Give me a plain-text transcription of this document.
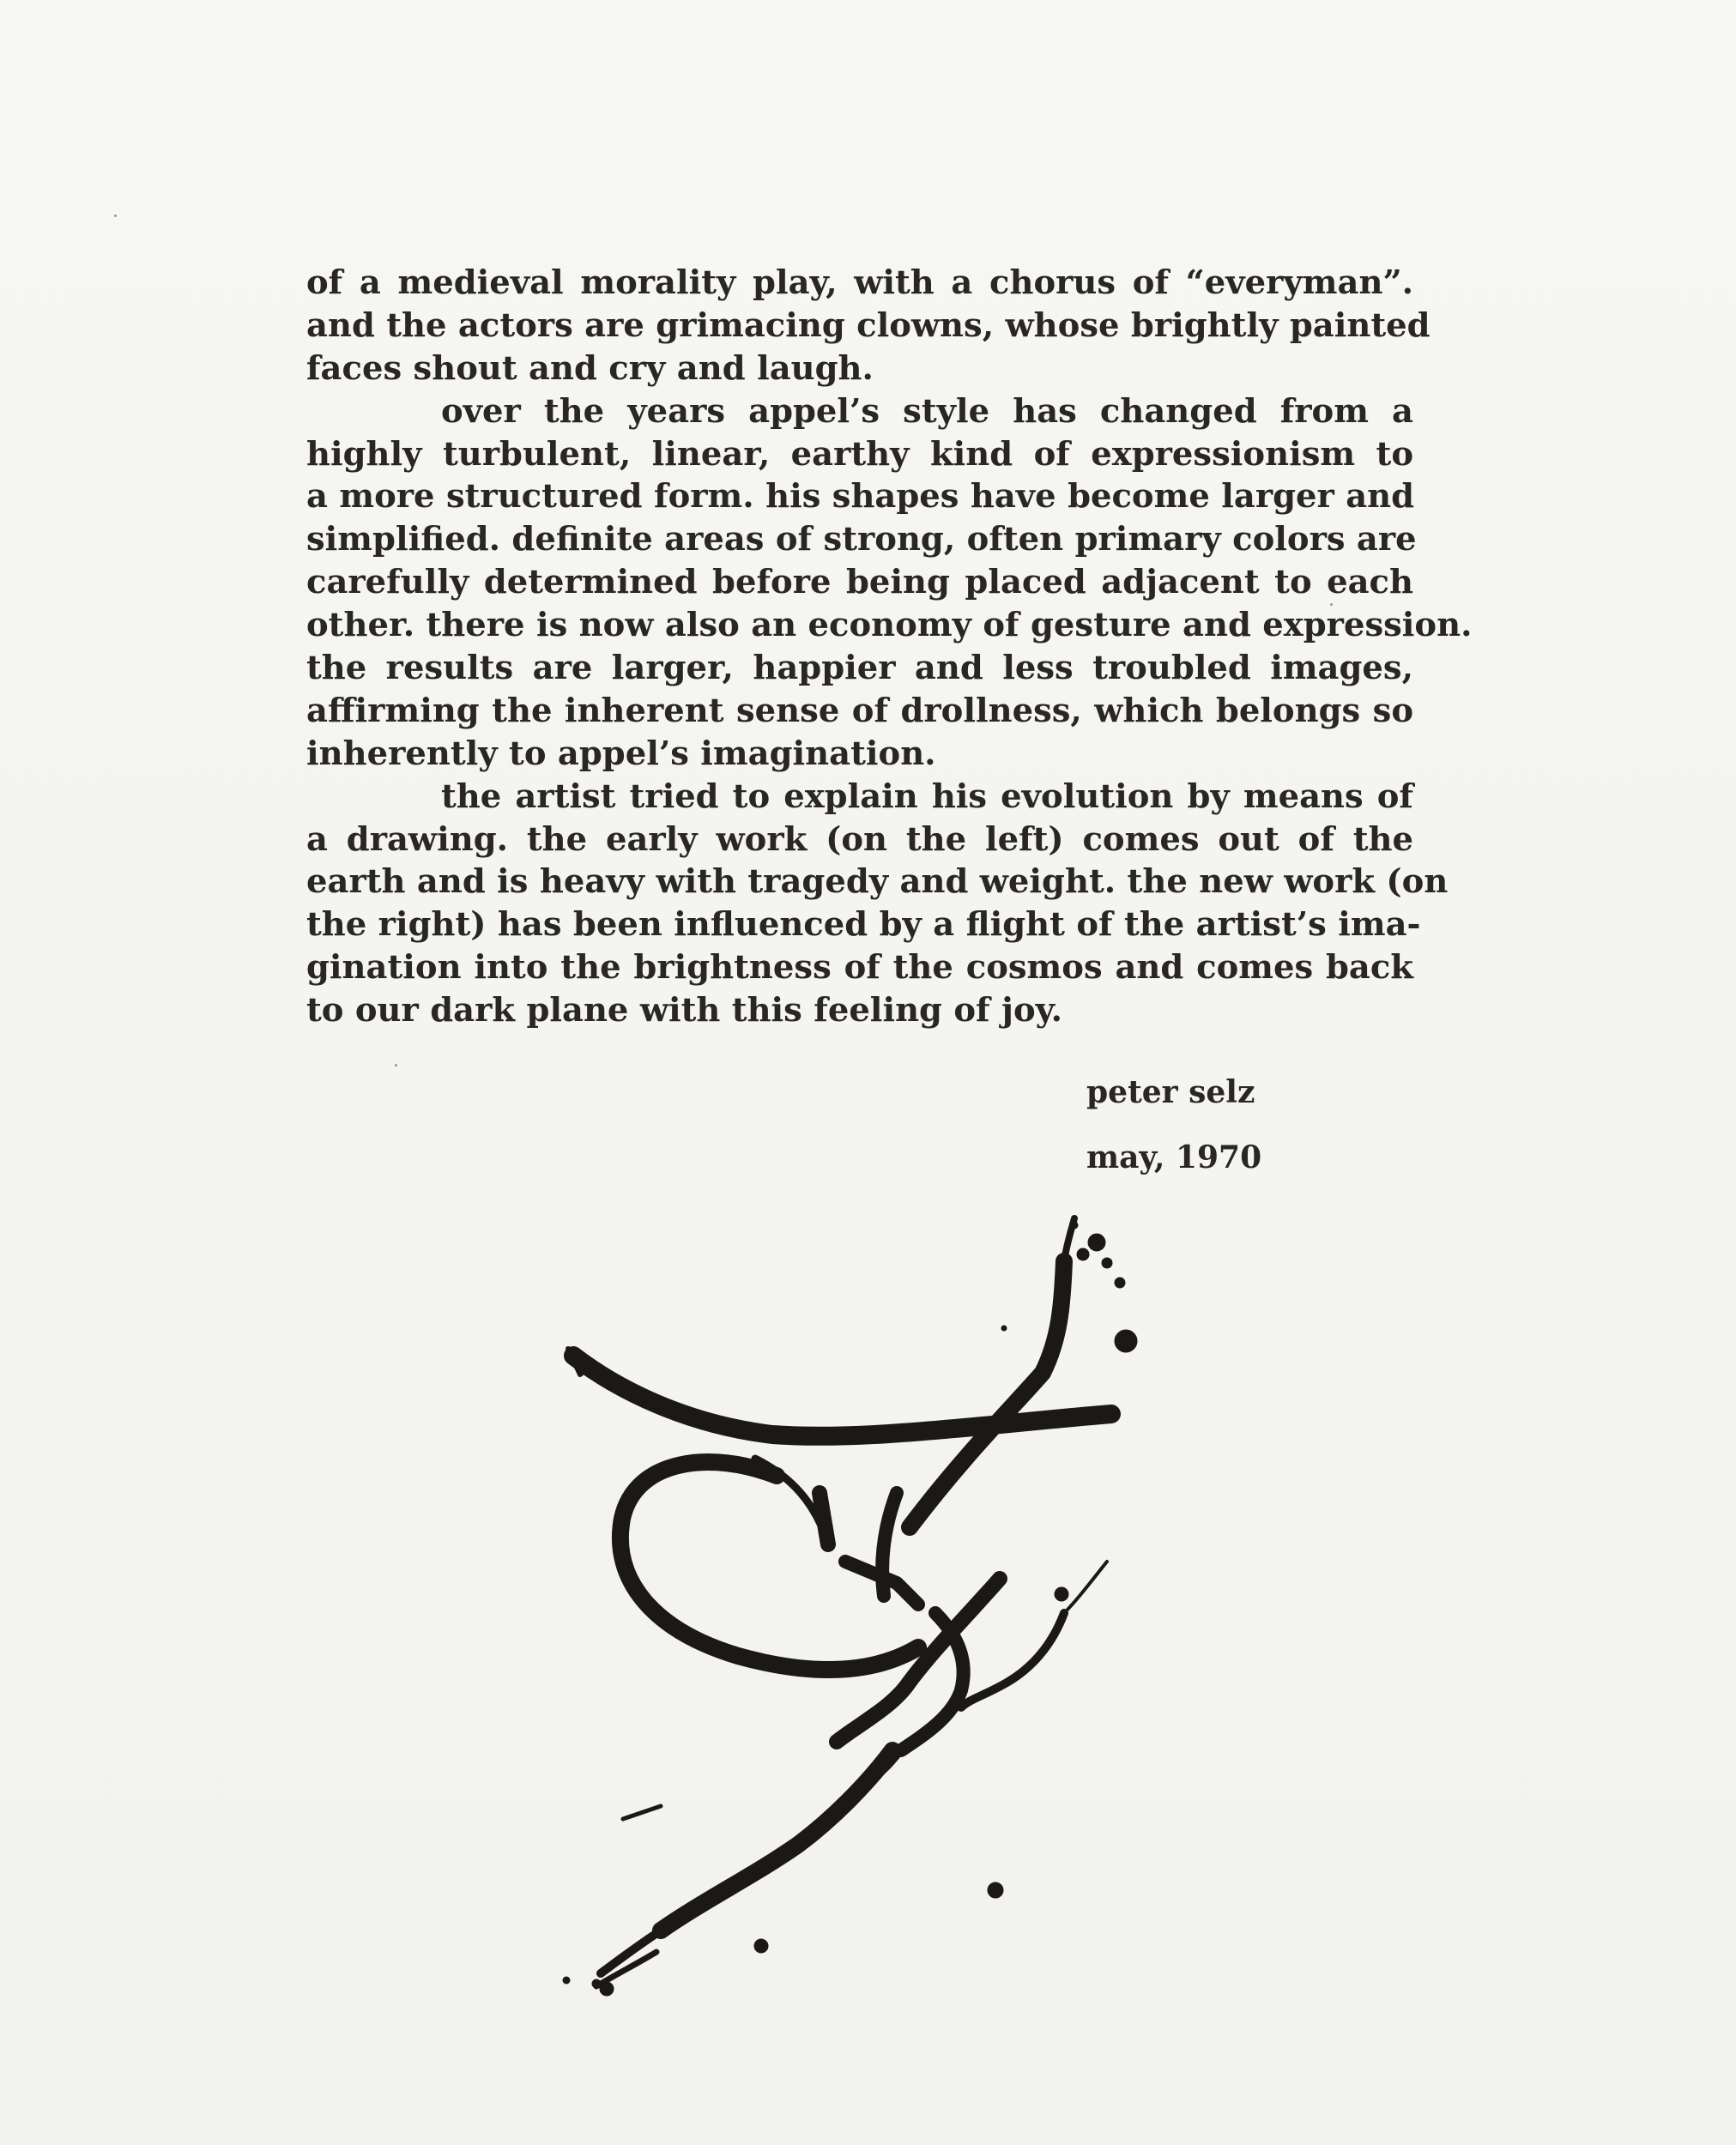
of a medieval morality play, with a chorus of “everyman”.
and the actors are grimacing clowns, whose brightly painted
faces shout and cry and laugh.
over the years appel’s style has changed from a
highly turbulent, linear, earthy kind of expressionism to
a more structured form. his shapes have become larger and
simplified. definite areas of strong, often primary colors are
carefully determined before being placed adjacent to each
other. there is now also an economy of gesture and expression.
the results are larger, happier and less troubled images,
affirming the inherent sense of drollness, which belongs so
inherently to appel’s imagination.
the artist tried to explain his evolution by means of
a drawing. the early work (on the left) comes out of the
earth and is heavy with tragedy and weight. the new work (on
the right) has been influenced by a flight of the artist’s ima-
gination into the brightness of the cosmos and comes back
to our dark plane with this feeling of joy.
peter selz
may, 1970
